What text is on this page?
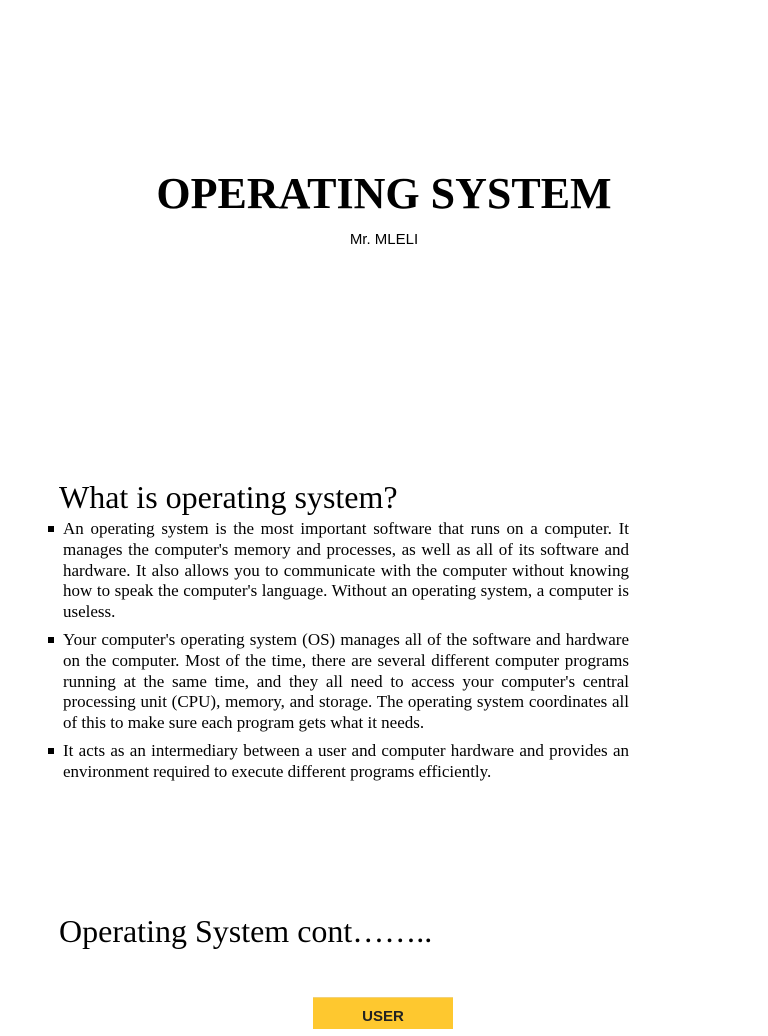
OPERATING SYSTEM
Mr. MLELI
What is operating system?
An operating system is the most important software that runs on a computer. It manages the computer's memory and processes, as well as all of its software and hardware. It also allows you to communicate with the computer without knowing how to speak the computer's language. Without an operating system, a computer is useless.
Your computer's operating system (OS) manages all of the software and hardware on the computer. Most of the time, there are several different computer programs running at the same time, and they all need to access your computer's central processing unit (CPU), memory, and storage. The operating system coordinates all of this to make sure each program gets what it needs.
It acts as an intermediary between a user and computer hardware and provides an environment required to execute different programs efficiently.
Operating System cont……..
USER
